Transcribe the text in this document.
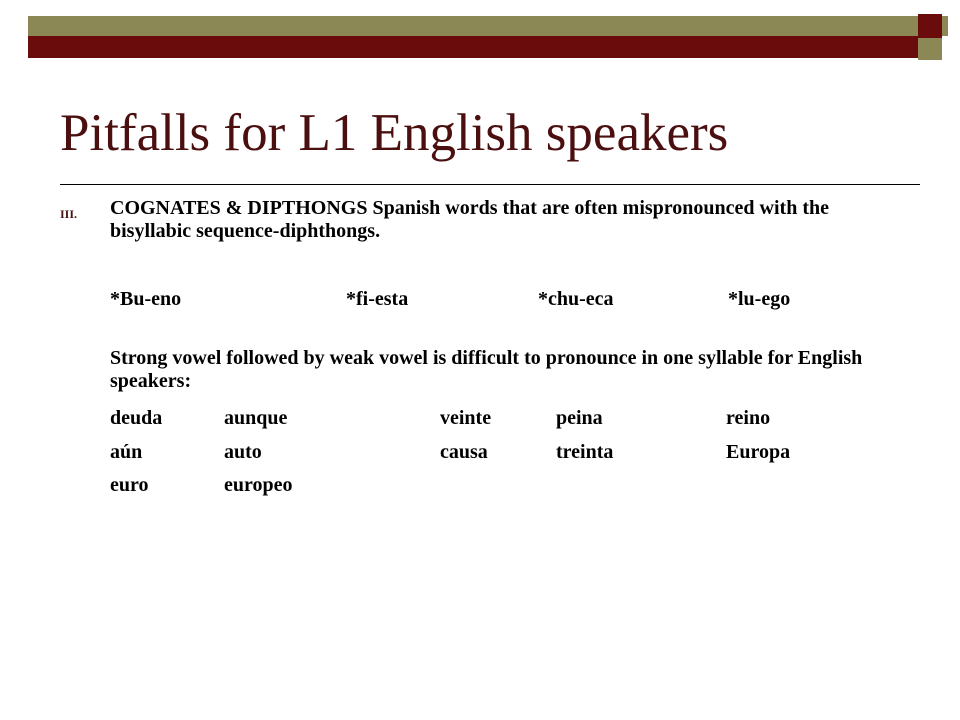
Pitfalls for L1 English speakers
III. COGNATES & DIPTHONGS Spanish words that are often mispronounced with the bisyllabic sequence-diphthongs.
*Bu-eno	*fi-esta	*chu-eca	*lu-ego
Strong vowel followed by weak vowel is difficult to pronounce in one syllable for English speakers:
deuda	aunque	veinte	peina	reino
aún	auto	causa	treinta	Europa
euro	europeo
